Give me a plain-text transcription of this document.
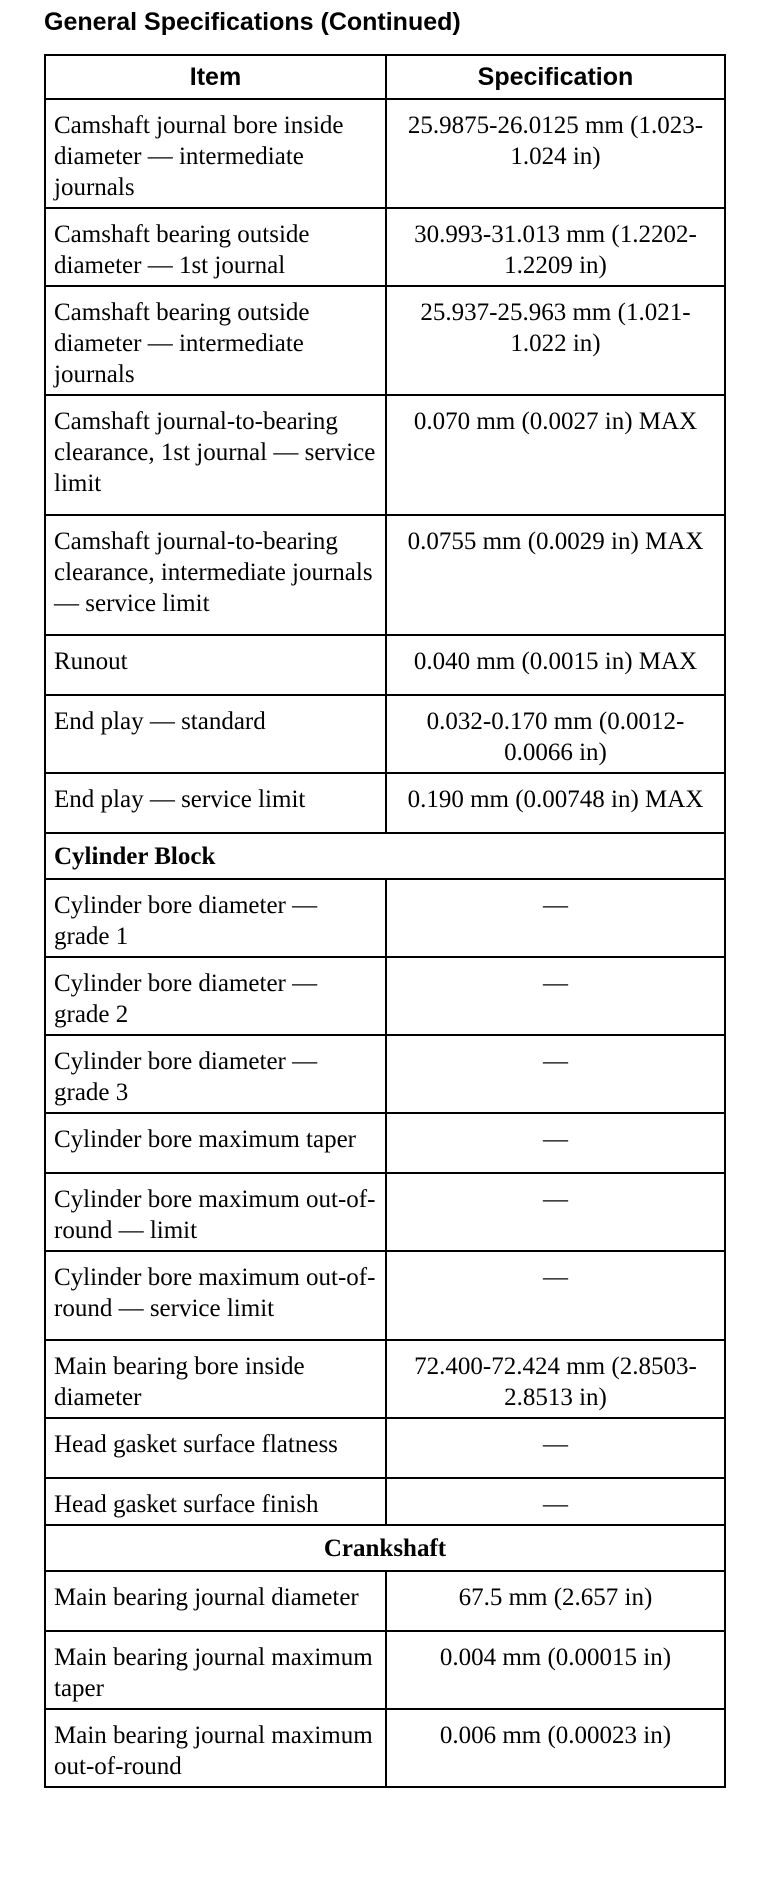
General Specifications (Continued)
Item	Specification
Camshaft journal bore inside diameter — intermediate journals	25.9875-26.0125 mm (1.023-1.024 in)
Camshaft bearing outside diameter — 1st journal	30.993-31.013 mm (1.2202-1.2209 in)
Camshaft bearing outside diameter — intermediate journals	25.937-25.963 mm (1.021-1.022 in)
Camshaft journal-to-bearing clearance, 1st journal — service limit	0.070 mm (0.0027 in) MAX
Camshaft journal-to-bearing clearance, intermediate journals — service limit	0.0755 mm (0.0029 in) MAX
Runout	0.040 mm (0.0015 in) MAX
End play — standard	0.032-0.170 mm (0.0012-0.0066 in)
End play — service limit	0.190 mm (0.00748 in) MAX
Cylinder Block	
Cylinder bore diameter — grade 1	—
Cylinder bore diameter — grade 2	—
Cylinder bore diameter — grade 3	—
Cylinder bore maximum taper	—
Cylinder bore maximum out-of-round — limit	—
Cylinder bore maximum out-of-round — service limit	—
Main bearing bore inside diameter	72.400-72.424 mm (2.8503-2.8513 in)
Head gasket surface flatness	—
Head gasket surface finish	—
Crankshaft	
Main bearing journal diameter	67.5 mm (2.657 in)
Main bearing journal maximum taper	0.004 mm (0.00015 in)
Main bearing journal maximum out-of-round	0.006 mm (0.00023 in)
